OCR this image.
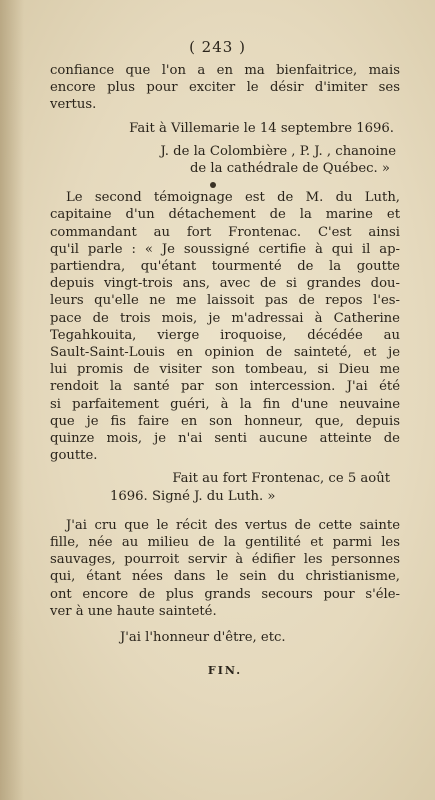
( 243 )
confiance que l'on a en ma bienfaitrice, mais
encore plus pour exciter le désir d'imiter ses
vertus.
Fait à Villemarie le 14 septembre 1696.
J. de la Colombière , P. J. , chanoine
de la cathédrale de Québec. »
Le second témoignage est de M. du Luth,
capitaine d'un détachement de la marine et
commandant au fort Frontenac. C'est ainsi
qu'il parle : « Je soussigné certifie à qui il ap-
partiendra, qu'étant tourmenté de la goutte
depuis vingt-trois ans, avec de si grandes dou-
leurs qu'elle ne me laissoit pas de repos l'es-
pace de trois mois, je m'adressai à Catherine
Tegahkouita, vierge iroquoise, décédée au
Sault-Saint-Louis en opinion de sainteté, et je
lui promis de visiter son tombeau, si Dieu me
rendoit la santé par son intercession. J'ai été
si parfaitement guéri, à la fin d'une neuvaine
que je fis faire en son honneur, que, depuis
quinze mois, je n'ai senti aucune atteinte de
goutte.
Fait au fort Frontenac, ce 5 août
1696. Signé J. du Luth. »
J'ai cru que le récit des vertus de cette sainte
fille, née au milieu de la gentilité et parmi les
sauvages, pourroit servir à édifier les personnes
qui, étant nées dans le sein du christianisme,
ont encore de plus grands secours pour s'éle-
ver à une haute sainteté.
J'ai l'honneur d'être, etc.
FIN.
